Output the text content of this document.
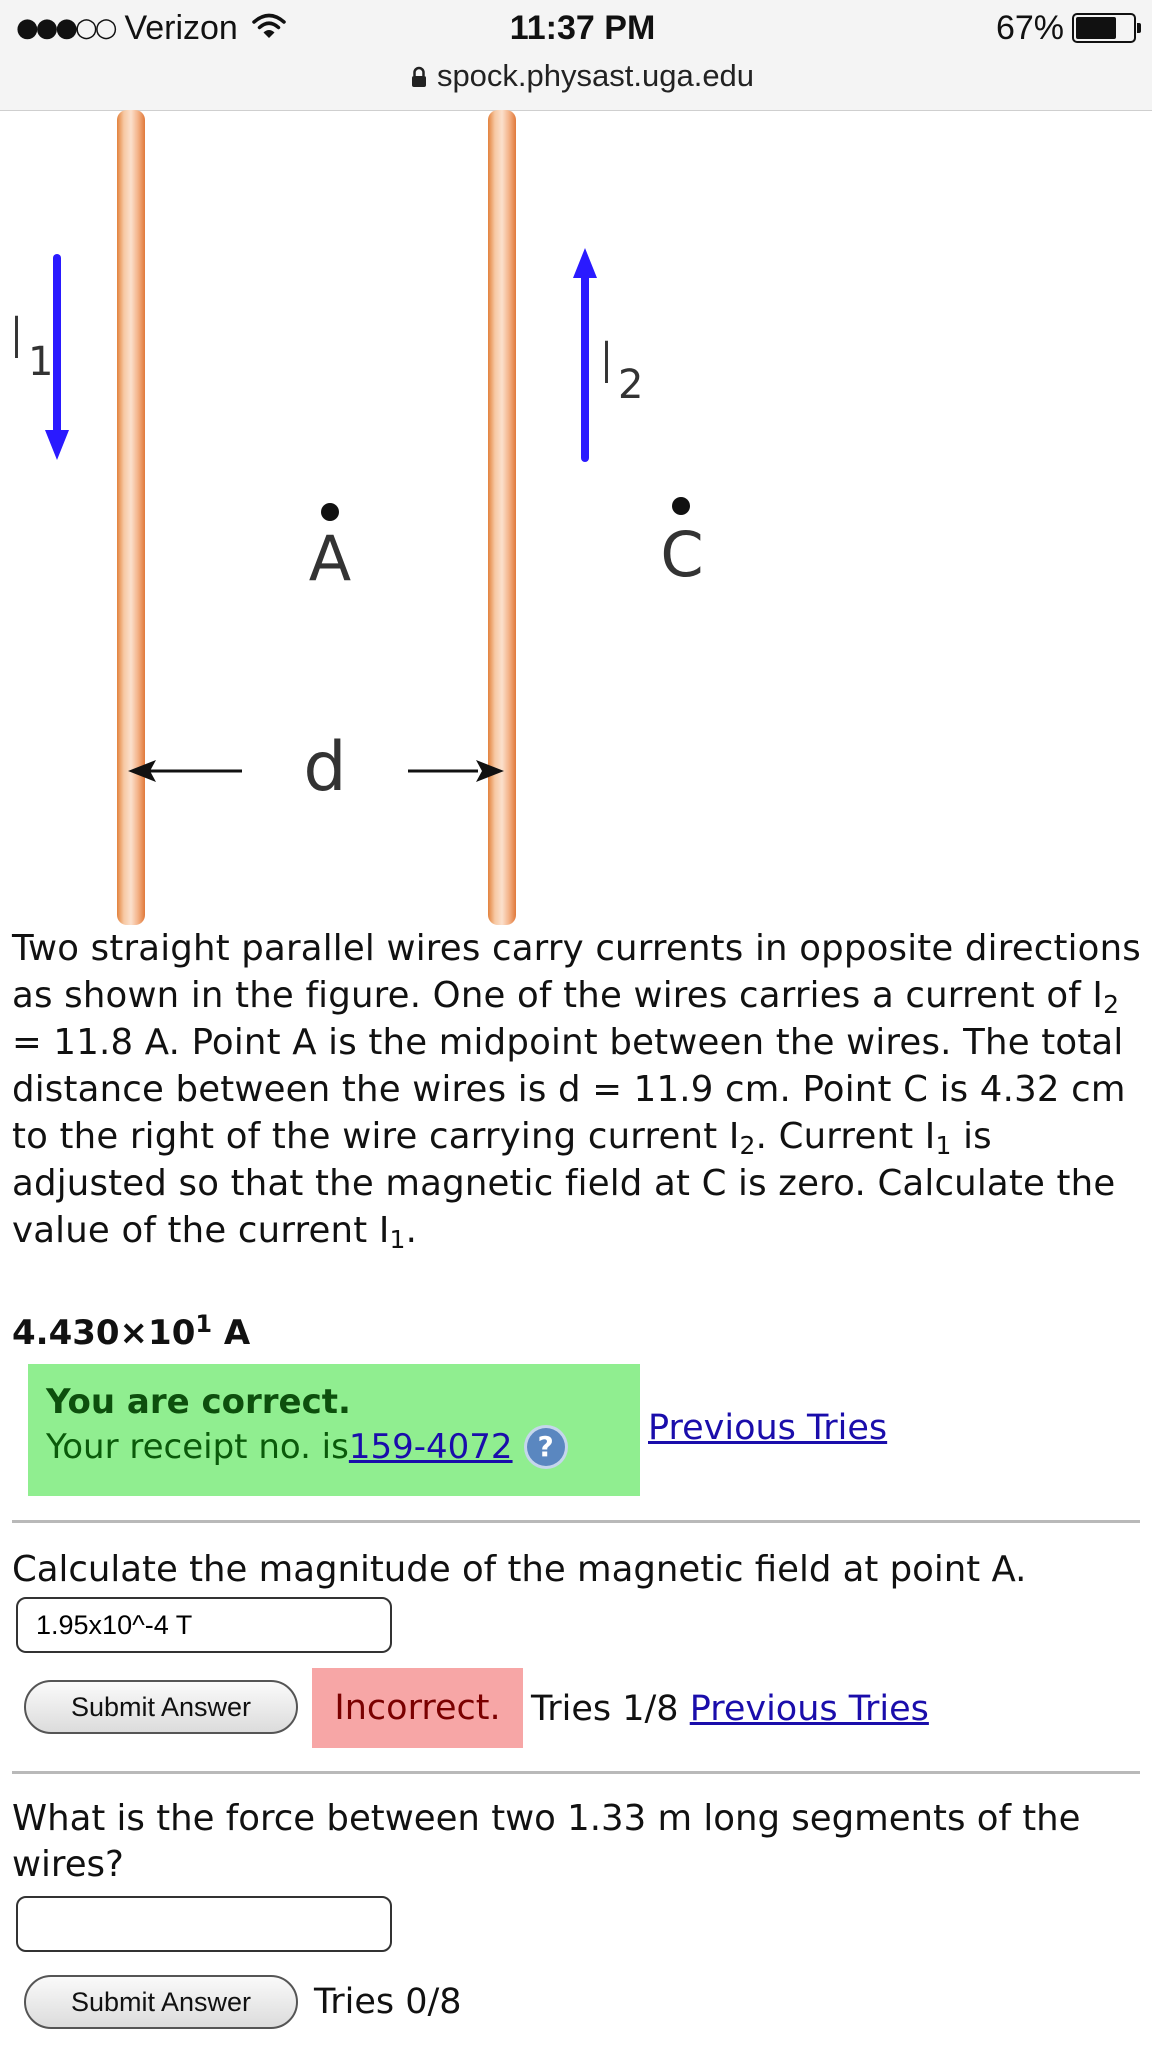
●●●○○ Verizon	11:37 PM	67%
spock.physast.uga.edu
I 1	I 2
A	C
d
Two straight parallel wires carry currents in opposite directions as shown in the figure. One of the wires carries a current of $I_2 = 11.8$ A. Point A is the midpoint between the wires. The total distance between the wires is d = 11.9 cm. Point C is 4.32 cm to the right of the wire carrying current $I_2$. Current $I_1$ is adjusted so that the magnetic field at C is zero. Calculate the value of the current $I_1$.
$4.430\times 10^1$ A
You are correct.
Your receipt no. is 159-4072 ?	Previous Tries
Calculate the magnitude of the magnetic field at point A.
1.95x10^-4 T
Submit Answer	Incorrect. Tries 1/8 Previous Tries
What is the force between two 1.33 m long segments of the wires?
Submit Answer	Tries 0/8
